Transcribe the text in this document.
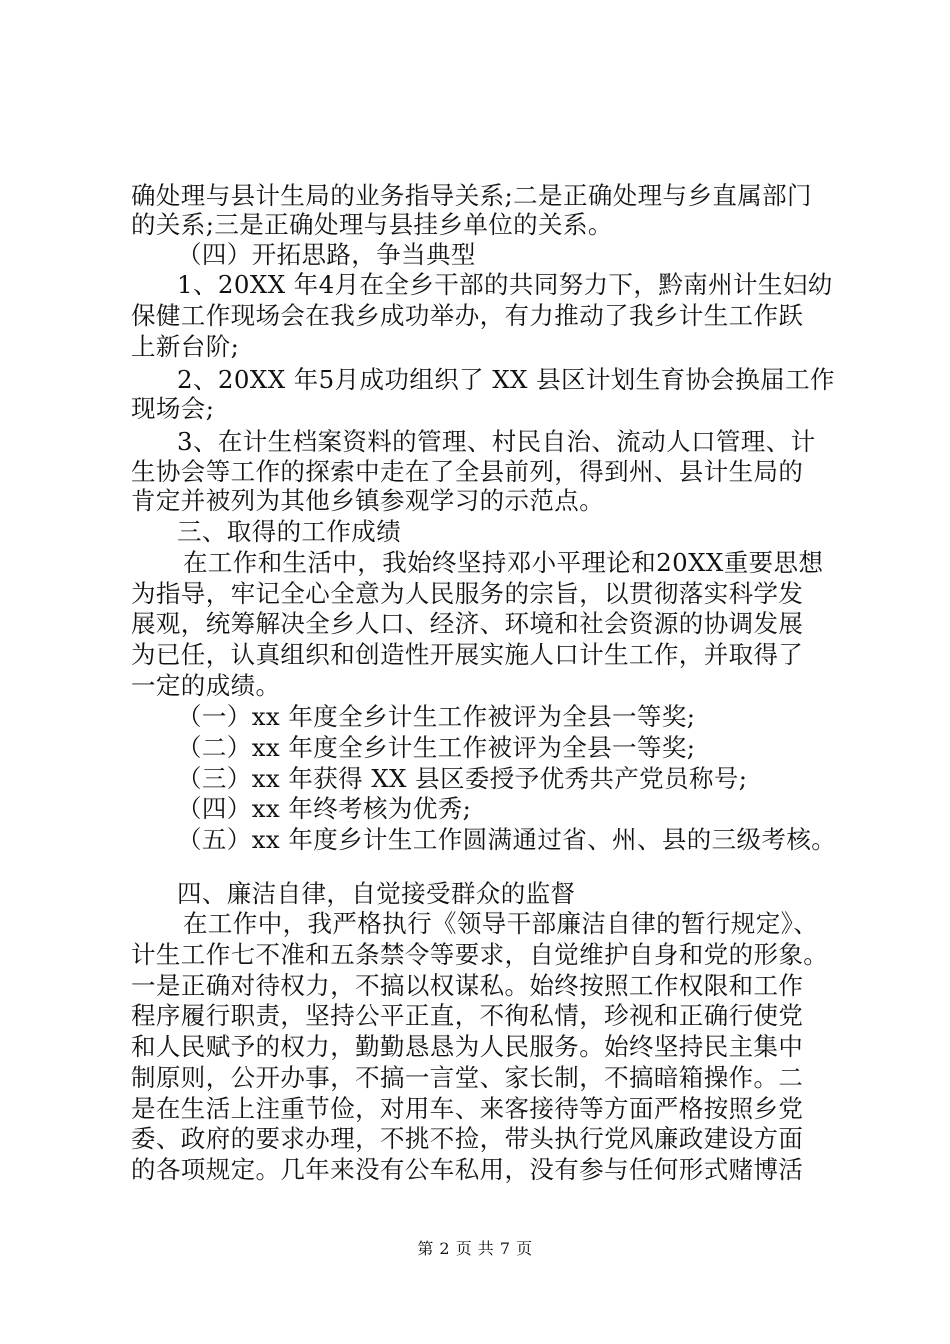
确处理与县计生局的业务指导关系;二是正确处理与乡直属部门
的关系;三是正确处理与县挂乡单位的关系。
（四）开拓思路，争当典型
1、20XX 年4月在全乡干部的共同努力下，黔南州计生妇幼
保健工作现场会在我乡成功举办，有力推动了我乡计生工作跃
上新台阶;
2、20XX 年5月成功组织了 XX 县区计划生育协会换届工作
现场会;
3、在计生档案资料的管理、村民自治、流动人口管理、计
生协会等工作的探索中走在了全县前列，得到州、县计生局的
肯定并被列为其他乡镇参观学习的示范点。
三、取得的工作成绩
在工作和生活中，我始终坚持邓小平理论和20XX重要思想
为指导，牢记全心全意为人民服务的宗旨，以贯彻落实科学发
展观，统筹解决全乡人口、经济、环境和社会资源的协调发展
为已任，认真组织和创造性开展实施人口计生工作，并取得了
一定的成绩。
（一）xx 年度全乡计生工作被评为全县一等奖;
（二）xx 年度全乡计生工作被评为全县一等奖;
（三）xx 年获得 XX 县区委授予优秀共产党员称号;
（四）xx 年终考核为优秀;
（五）xx 年度乡计生工作圆满通过省、州、县的三级考核。
四、廉洁自律，自觉接受群众的监督
在工作中，我严格执行《领导干部廉洁自律的暂行规定》、
计生工作七不准和五条禁令等要求，自觉维护自身和党的形象。
一是正确对待权力，不搞以权谋私。始终按照工作权限和工作
程序履行职责，坚持公平正直，不徇私情，珍视和正确行使党
和人民赋予的权力，勤勤恳恳为人民服务。始终坚持民主集中
制原则，公开办事，不搞一言堂、家长制，不搞暗箱操作。二
是在生活上注重节俭，对用车、来客接待等方面严格按照乡党
委、政府的要求办理，不挑不捡，带头执行党风廉政建设方面
的各项规定。几年来没有公车私用，没有参与任何形式赌博活
第 2 页 共 7 页
